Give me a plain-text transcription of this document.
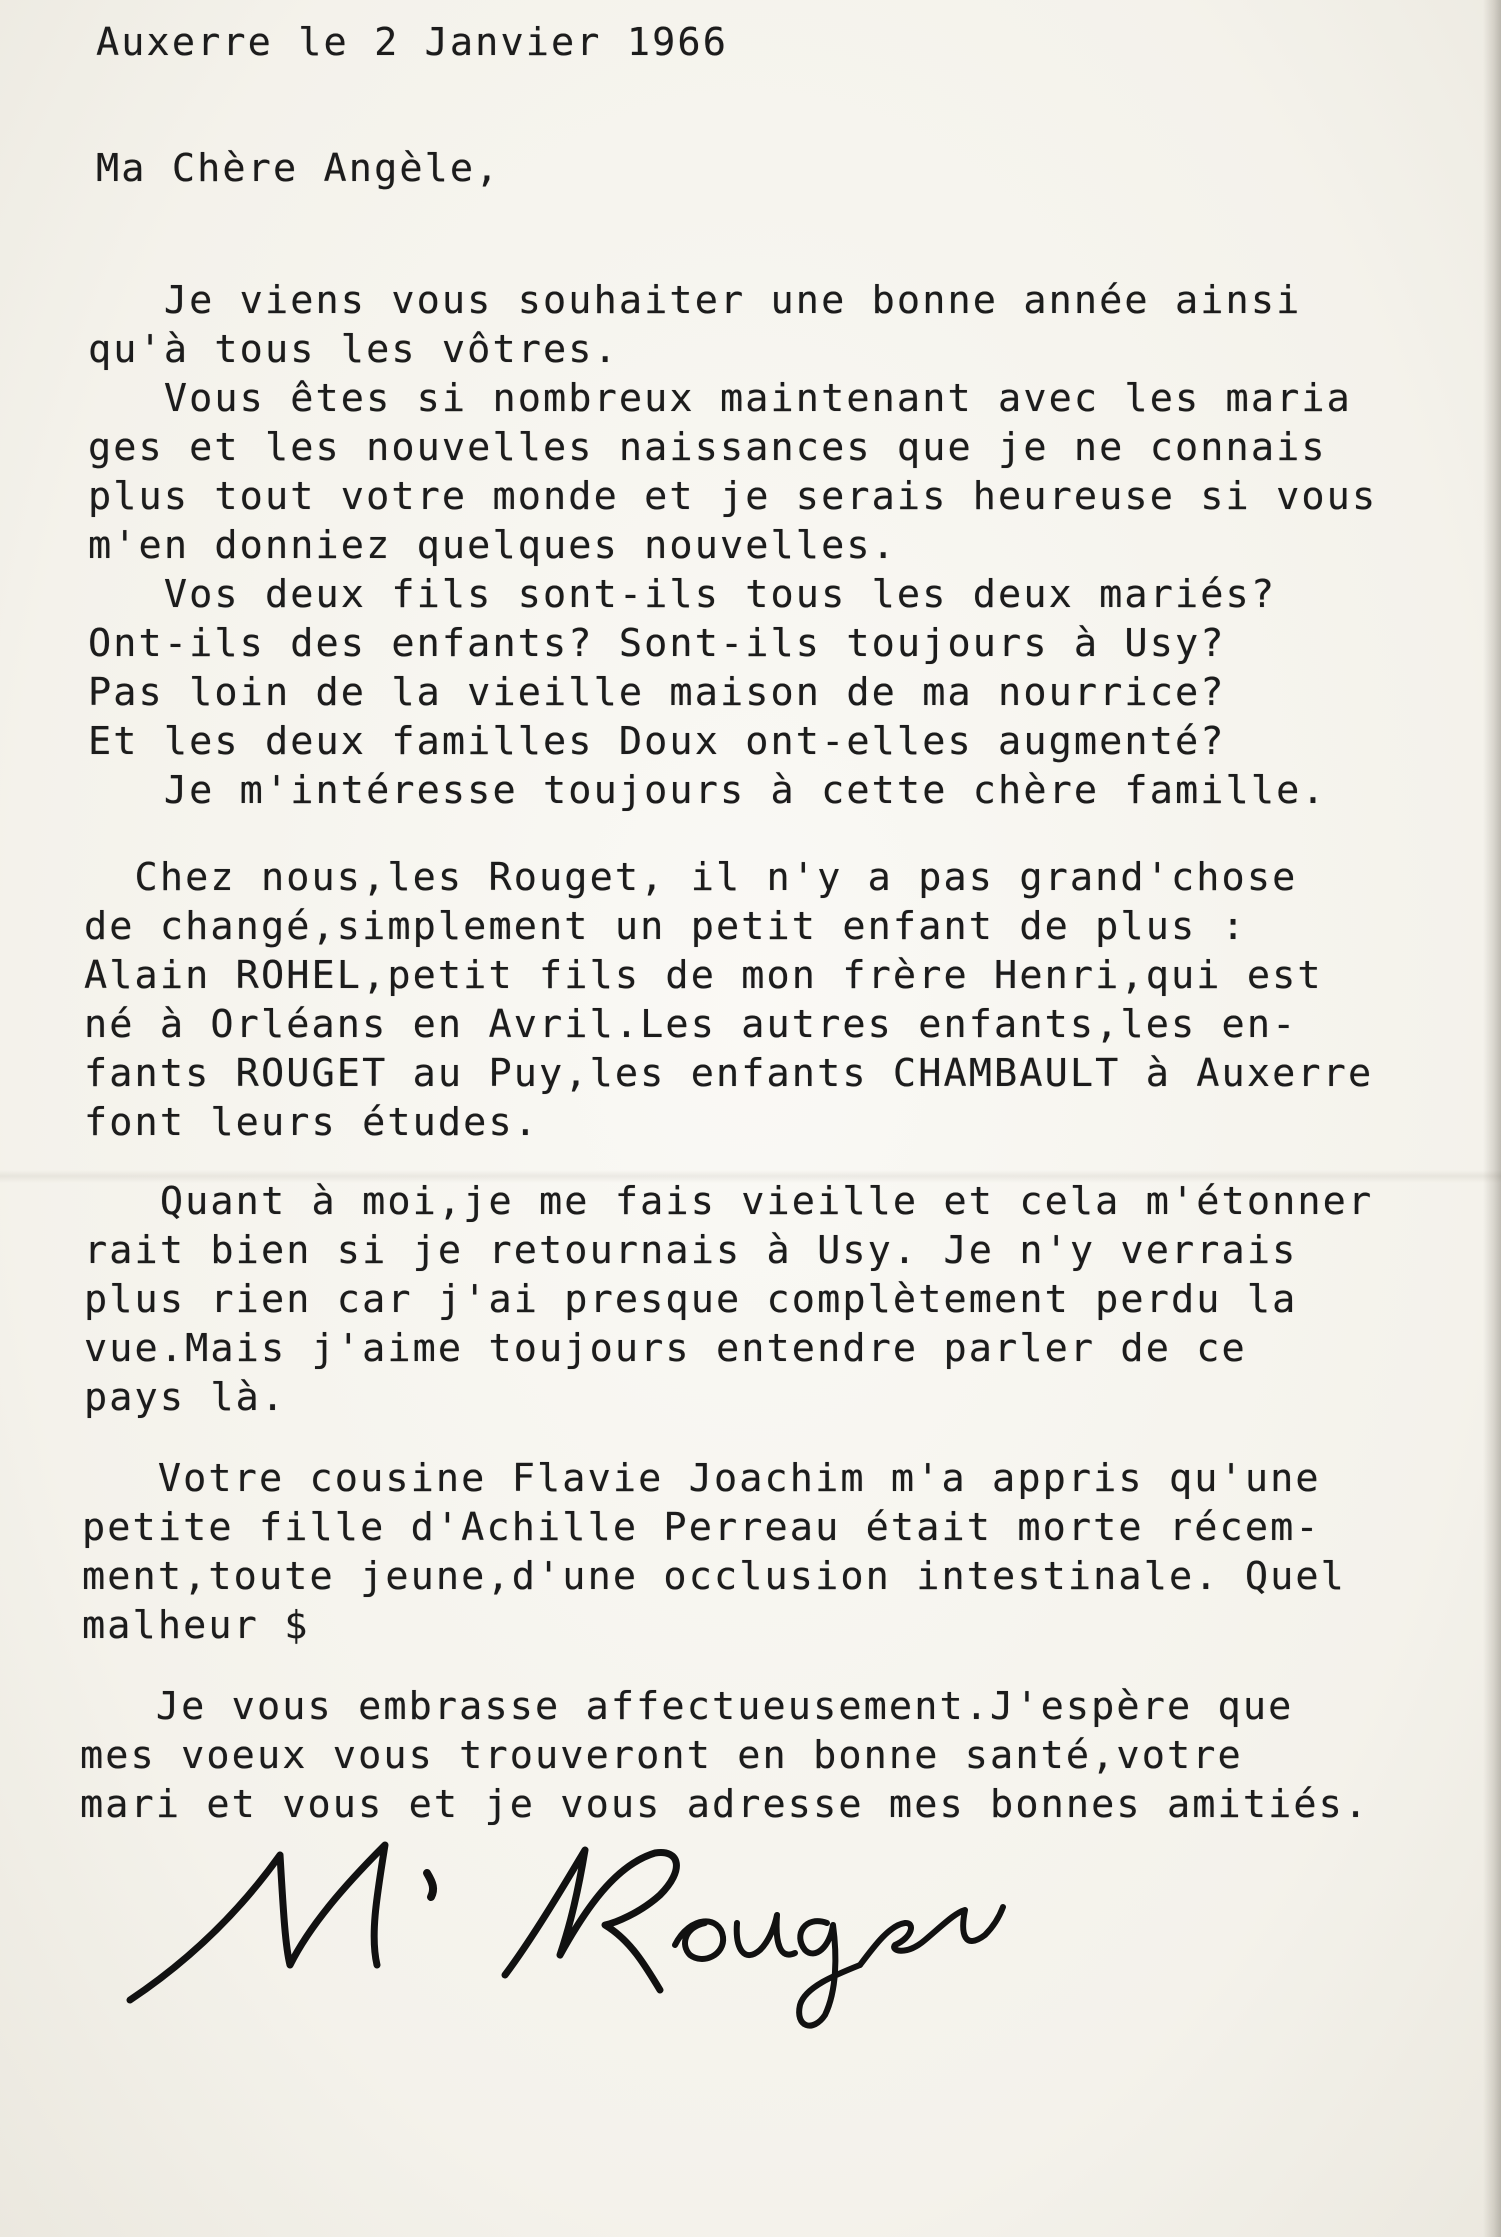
Auxerre le 2 Janvier 1966

Ma Chère Angèle,

Je viens vous souhaiter une bonne année ainsi
qu'à tous les vôtres.
Vous êtes si nombreux maintenant avec les maria
ges et les nouvelles naissances que je ne connais
plus tout votre monde et je serais heureuse si vous
m'en donniez quelques nouvelles.
Vos deux fils sont-ils tous les deux mariés?
Ont-ils des enfants? Sont-ils toujours à Usy?
Pas loin de la vieille maison de ma nourrice?
Et les deux familles Doux ont-elles augmenté?
Je m'intéresse toujours à cette chère famille.

Chez nous,les Rouget, il n'y a pas grand'chose
de changé,simplement un petit enfant de plus :
Alain ROHEL,petit fils de mon frère Henri,qui est
né à Orléans en Avril.Les autres enfants,les en-
fants ROUGET au Puy,les enfants CHAMBAULT à Auxerre
font leurs études.

Quant à moi,je me fais vieille et cela m'étonner
rait bien si je retournais à Usy. Je n'y verrais
plus rien car j'ai presque complètement perdu la
vue.Mais j'aime toujours entendre parler de ce
pays là.

Votre cousine Flavie Joachim m'a appris qu'une
petite fille d'Achille Perreau était morte récem-
ment,toute jeune,d'une occlusion intestinale. Quel
malheur $

Je vous embrasse affectueusement.J'espère que
mes voeux vous trouveront en bonne santé,votre
mari et vous et je vous adresse mes bonnes amitiés.
